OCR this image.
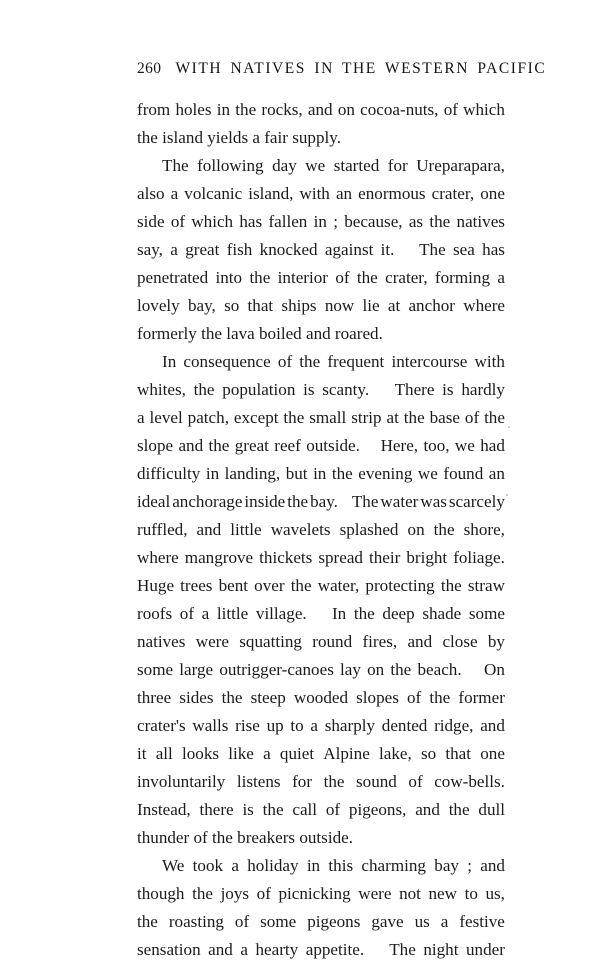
260 WITH NATIVES IN THE WESTERN PACIFIC
from holes in the rocks, and on cocoa-nuts, of which
the island yields a fair supply.
The following day we started for Ureparapara,
also a volcanic island, with an enormous crater, one
side of which has fallen in ; because, as the natives
say, a great fish knocked against it. The sea has
penetrated into the interior of the crater, forming a
lovely bay, so that ships now lie at anchor where
formerly the lava boiled and roared.
In consequence of the frequent intercourse with
whites, the population is scanty. There is hardly
a level patch, except the small strip at the base of the
slope and the great reef outside. Here, too, we had
difficulty in landing, but in the evening we found an
ideal anchorage inside the bay. The water was scarcely
ruffled, and little wavelets splashed on the shore,
where mangrove thickets spread their bright foliage.
Huge trees bent over the water, protecting the straw
roofs of a little village. In the deep shade some
natives were squatting round fires, and close by
some large outrigger-canoes lay on the beach. On
three sides the steep wooded slopes of the former
crater's walls rise up to a sharply dented ridge, and
it all looks like a quiet Alpine lake, so that one
involuntarily listens for the sound of cow-bells.
Instead, there is the call of pigeons, and the dull
thunder of the breakers outside.
We took a holiday in this charming bay ; and
though the joys of picnicking were not new to us,
the roasting of some pigeons gave us a festive
sensation and a hearty appetite. The night under
